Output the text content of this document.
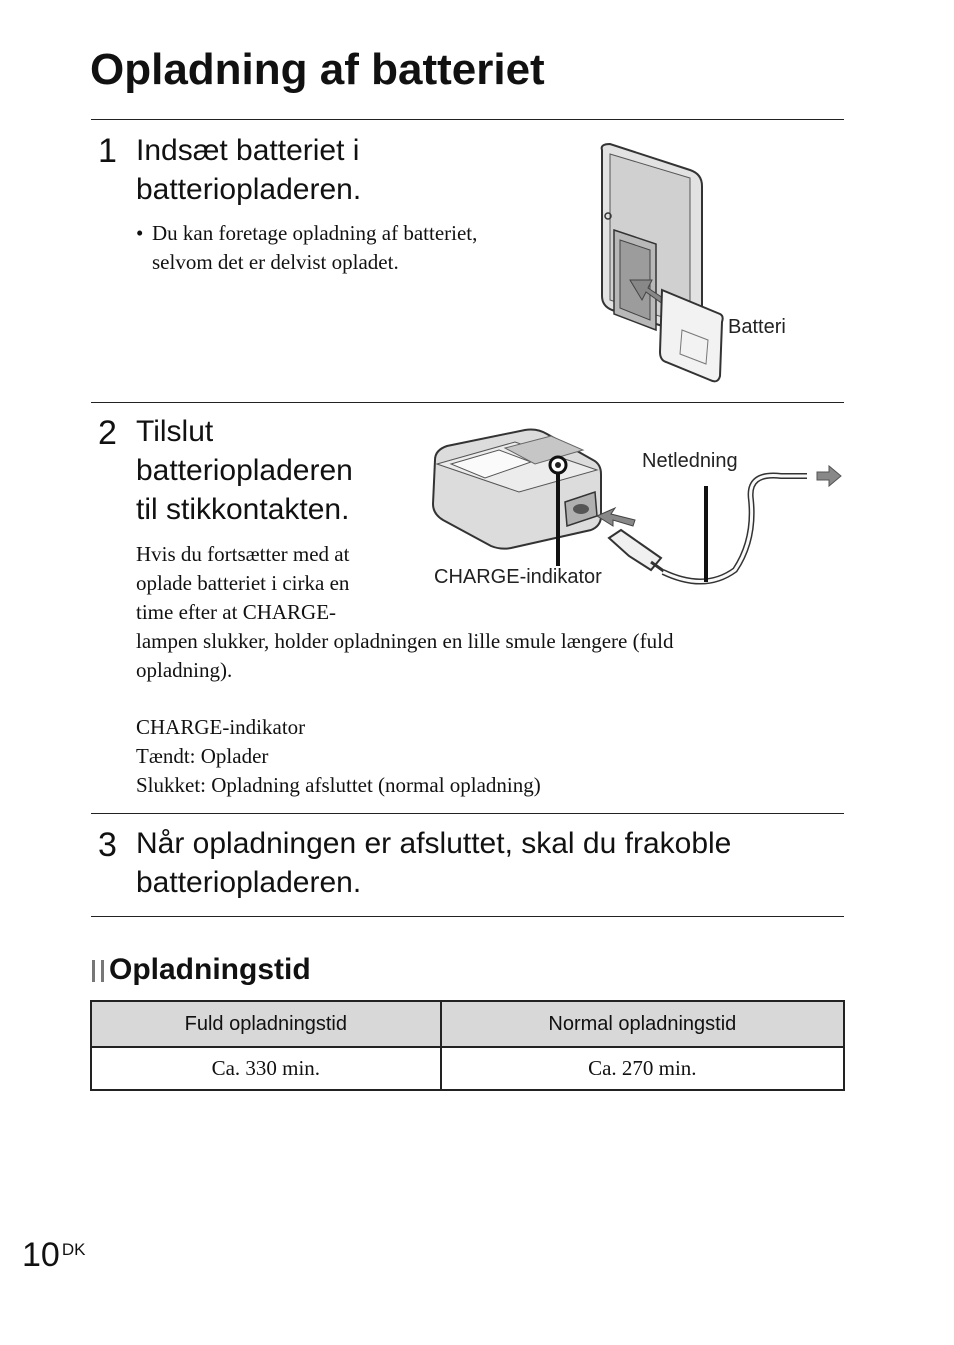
Opladning af batteriet
1 Indsæt batteriet i
batteriopladeren.
• Du kan foretage opladning af batteriet,
selvom det er delvist opladet.
Batteri
2 Tilslut
batteriopladeren
til stikkontakten.
Hvis du fortsætter med at
oplade batteriet i cirka en
time efter at CHARGE-
lampen slukker, holder opladningen en lille smule længere (fuld
opladning).
CHARGE-indikator
Tændt: Oplader
Slukket: Opladning afsluttet (normal opladning)
Netledning
CHARGE-indikator
3 Når opladningen er afsluttet, skal du frakoble
batteriopladeren.
Opladningstid
Fuld opladningstid	Normal opladningstid
Ca. 330 min.	Ca. 270 min.
10 $^{DK}$
